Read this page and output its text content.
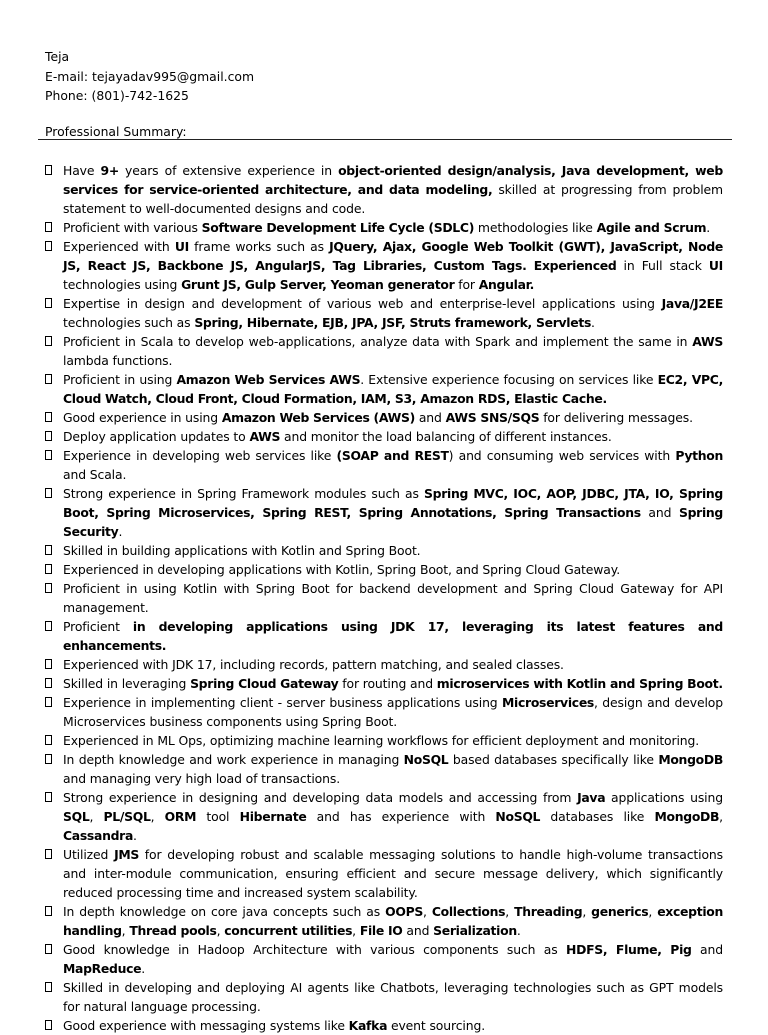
Teja
E-mail: tejayadav995@gmail.com
Phone: (801)-742-1625
Professional Summary:
Have 9+ years of extensive experience in object-oriented design/analysis, Java development, web services for service-oriented architecture, and data modeling, skilled at progressing from problem statement to well-documented designs and code.
Proficient with various Software Development Life Cycle (SDLC) methodologies like Agile and Scrum.
Experienced with UI frame works such as JQuery, Ajax, Google Web Toolkit (GWT), JavaScript, Node JS, React JS, Backbone JS, AngularJS, Tag Libraries, Custom Tags. Experienced in Full stack UI technologies using Grunt JS, Gulp Server, Yeoman generator for Angular.
Expertise in design and development of various web and enterprise-level applications using Java/J2EE technologies such as Spring, Hibernate, EJB, JPA, JSF, Struts framework, Servlets.
Proficient in Scala to develop web-applications, analyze data with Spark and implement the same in AWS lambda functions.
Proficient in using Amazon Web Services AWS. Extensive experience focusing on services like EC2, VPC, Cloud Watch, Cloud Front, Cloud Formation, IAM, S3, Amazon RDS, Elastic Cache.
Good experience in using Amazon Web Services (AWS) and AWS SNS/SQS for delivering messages.
Deploy application updates to AWS and monitor the load balancing of different instances.
Experience in developing web services like (SOAP and REST) and consuming web services with Python and Scala.
Strong experience in Spring Framework modules such as Spring MVC, IOC, AOP, JDBC, JTA, IO, Spring Boot, Spring Microservices, Spring REST, Spring Annotations, Spring Transactions and Spring Security.
Skilled in building applications with Kotlin and Spring Boot.
Experienced in developing applications with Kotlin, Spring Boot, and Spring Cloud Gateway.
Proficient in using Kotlin with Spring Boot for backend development and Spring Cloud Gateway for API management.
Proficient in developing applications using JDK 17, leveraging its latest features and enhancements.
Experienced with JDK 17, including records, pattern matching, and sealed classes.
Skilled in leveraging Spring Cloud Gateway for routing and microservices with Kotlin and Spring Boot.
Experience in implementing client - server business applications using Microservices, design and develop Microservices business components using Spring Boot.
Experienced in ML Ops, optimizing machine learning workflows for efficient deployment and monitoring.
In depth knowledge and work experience in managing NoSQL based databases specifically like MongoDB and managing very high load of transactions.
Strong experience in designing and developing data models and accessing from Java applications using SQL, PL/SQL, ORM tool Hibernate and has experience with NoSQL databases like MongoDB, Cassandra.
Utilized JMS for developing robust and scalable messaging solutions to handle high-volume transactions and inter-module communication, ensuring efficient and secure message delivery, which significantly reduced processing time and increased system scalability.
In depth knowledge on core java concepts such as OOPS, Collections, Threading, generics, exception handling, Thread pools, concurrent utilities, File IO and Serialization.
Good knowledge in Hadoop Architecture with various components such as HDFS, Flume, Pig and MapReduce.
Skilled in developing and deploying AI agents like Chatbots, leveraging technologies such as GPT models for natural language processing.
Good experience with messaging systems like Kafka event sourcing.
